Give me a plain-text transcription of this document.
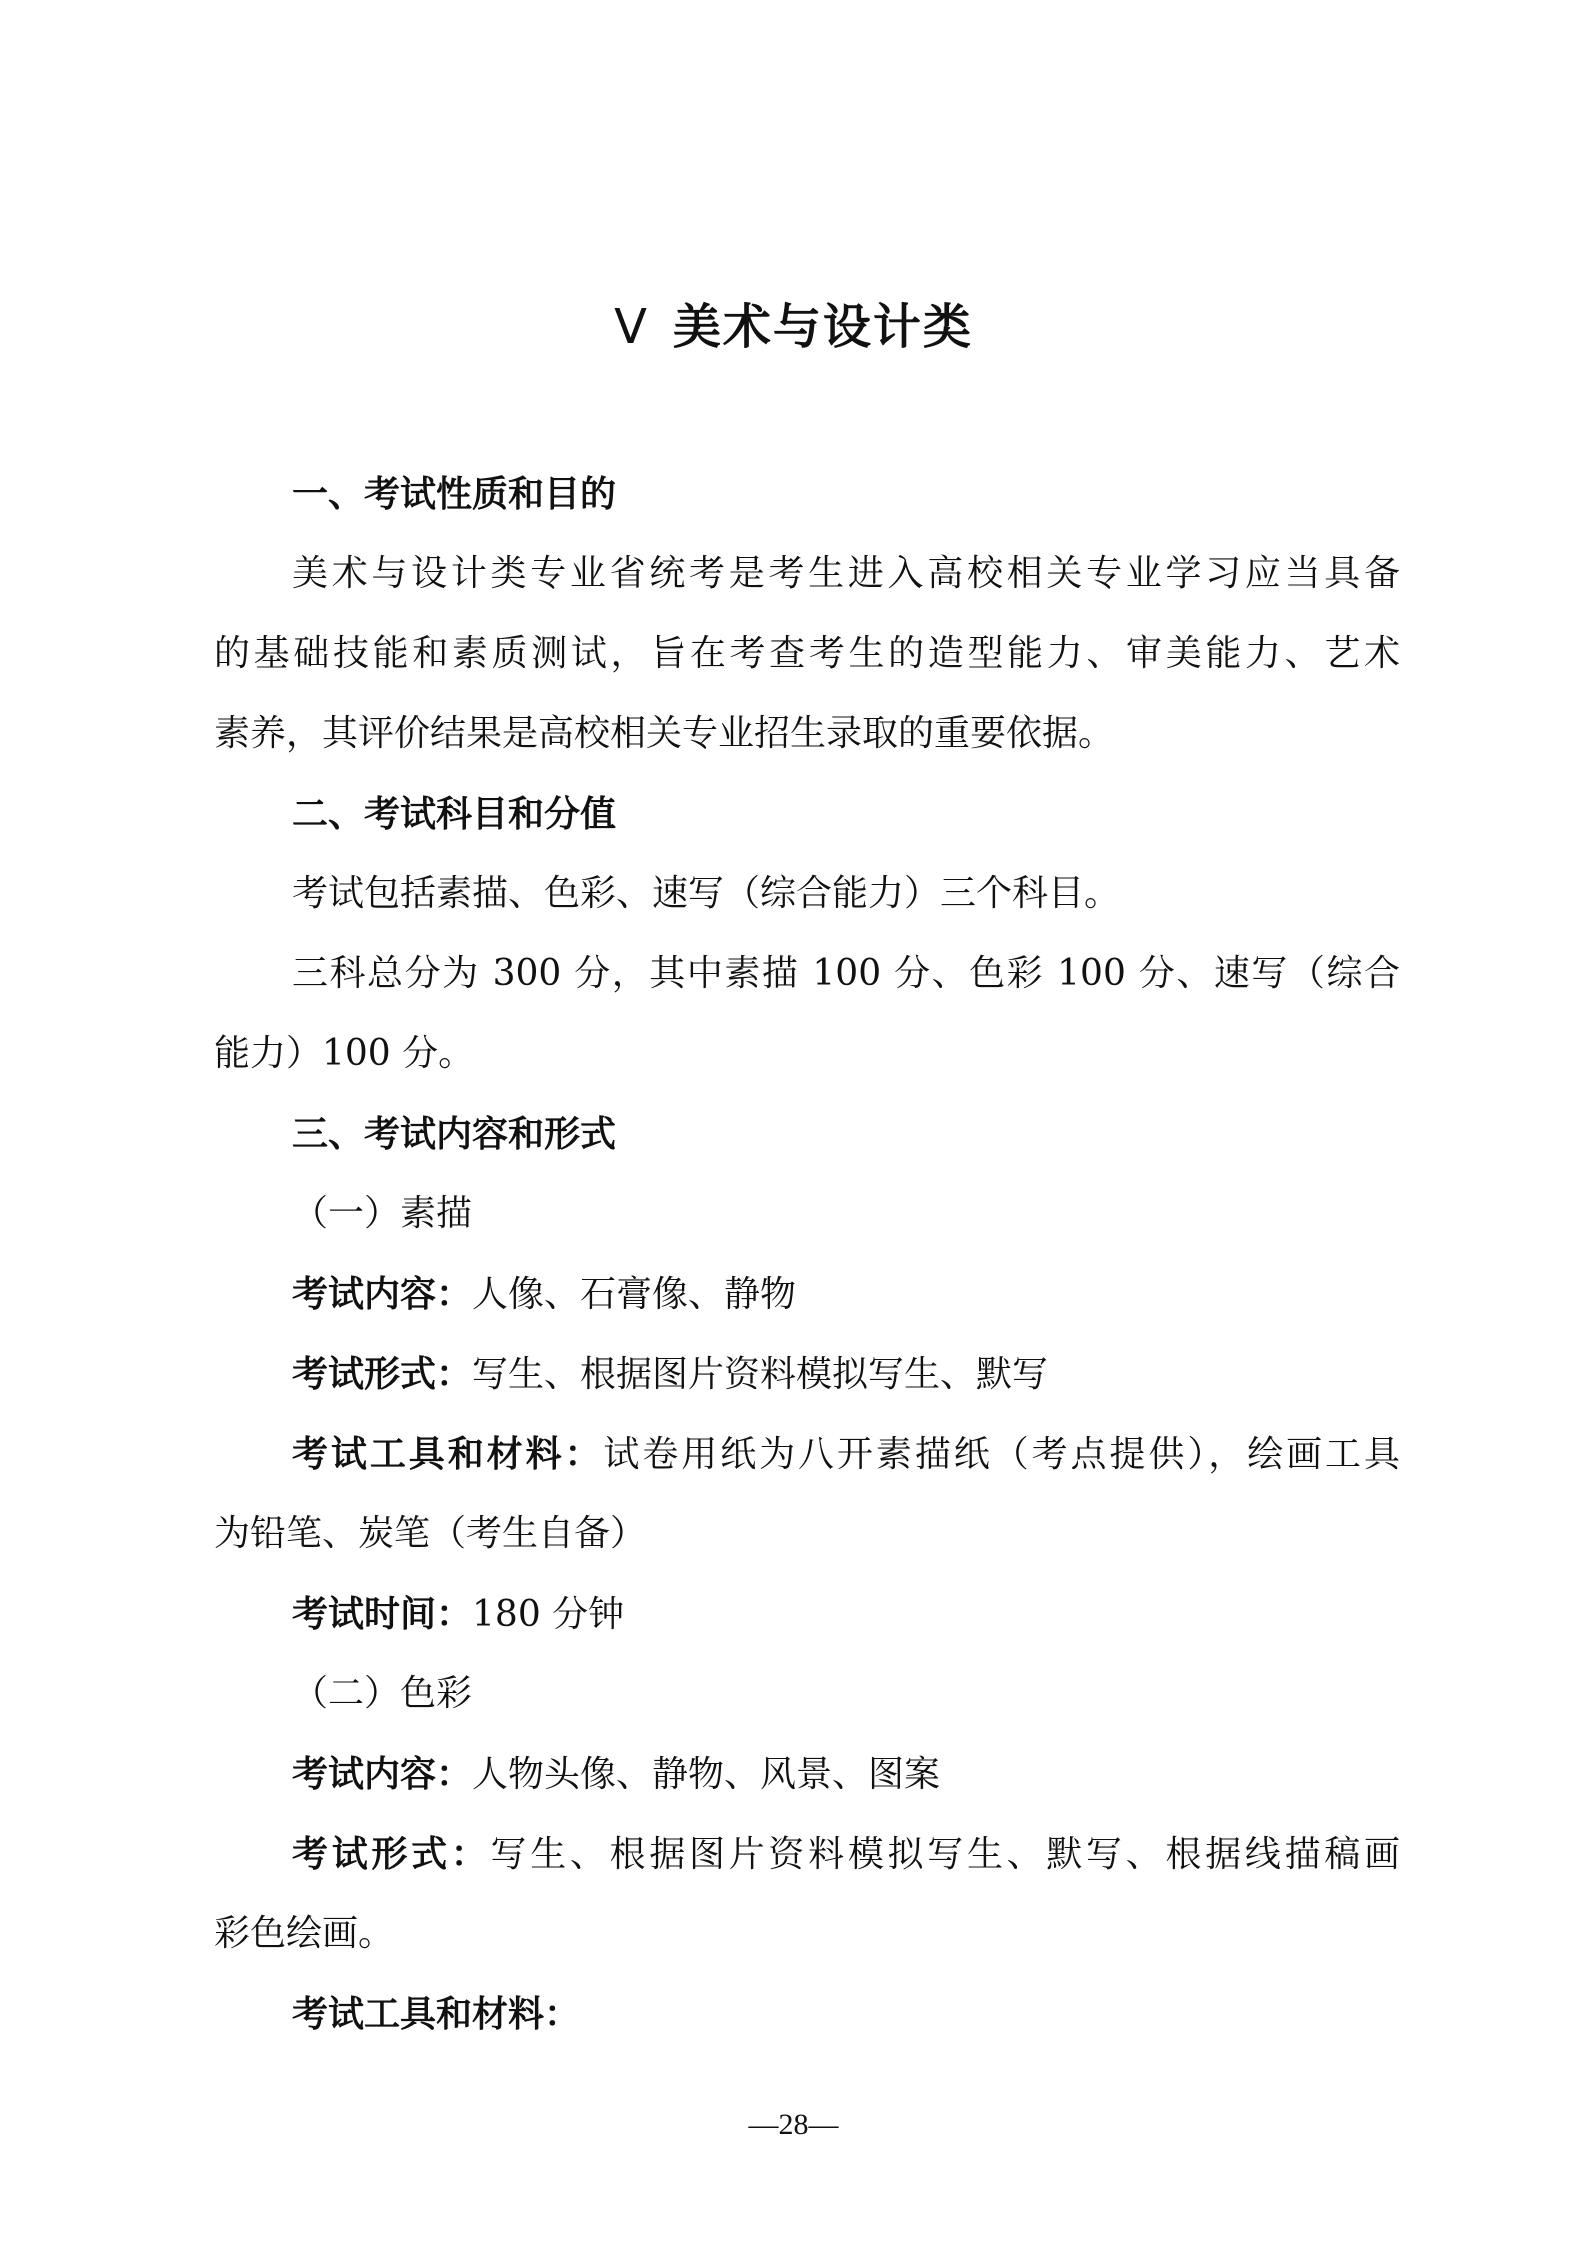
Ⅴ 美术与设计类
一、考试性质和目的
美术与设计类专业省统考是考生进入高校相关专业学习应当具备
的基础技能和素质测试，旨在考查考生的造型能力、审美能力、艺术
素养，其评价结果是高校相关专业招生录取的重要依据。
二、考试科目和分值
考试包括素描、色彩、速写（综合能力）三个科目。
三科总分为 300 分，其中素描 100 分、色彩 100 分、速写（综合
能力）100 分。
三、考试内容和形式
（一）素描
考试内容：人像、石膏像、静物
考试形式：写生、根据图片资料模拟写生、默写
考试工具和材料：试卷用纸为八开素描纸（考点提供），绘画工具
为铅笔、炭笔（考生自备）
考试时间：180 分钟
（二）色彩
考试内容：人物头像、静物、风景、图案
考试形式：写生、根据图片资料模拟写生、默写、根据线描稿画
彩色绘画。
考试工具和材料：
—28—
